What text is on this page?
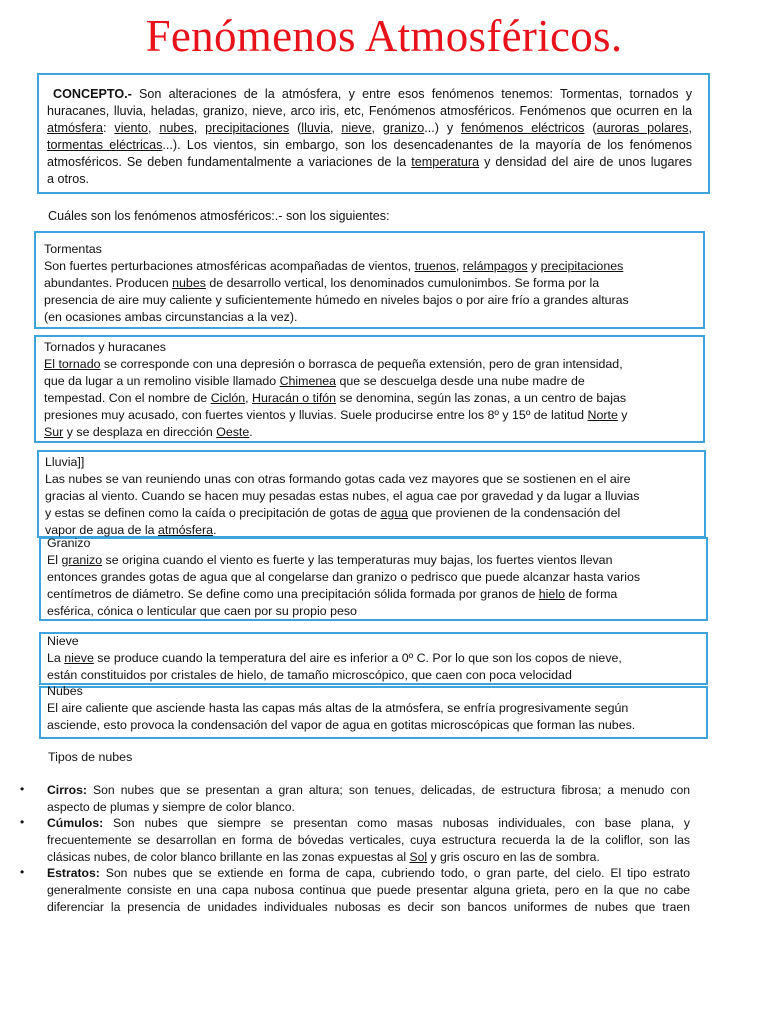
Fenómenos Atmosféricos.
CONCEPTO.- Son alteraciones de la atmósfera, y entre esos fenómenos tenemos: Tormentas, tornados y
huracanes, lluvia, heladas, granizo, nieve, arco iris, etc, Fenómenos atmosféricos. Fenómenos que ocurren en la
atmósfera: viento, nubes, precipitaciones (lluvia, nieve, granizo...) y fenómenos eléctricos (auroras polares,
tormentas eléctricas...). Los vientos, sin embargo, son los desencadenantes de la mayoría de los fenómenos
atmosféricos. Se deben fundamentalmente a variaciones de la temperatura y densidad del aire de unos lugares
a otros.
Cuáles son los fenómenos atmosféricos:.- son los siguientes:
Tormentas
Son fuertes perturbaciones atmosféricas acompañadas de vientos, truenos, relámpagos y precipitaciones
abundantes. Producen nubes de desarrollo vertical, los denominados cumulonimbos. Se forma por la
presencia de aire muy caliente y suficientemente húmedo en niveles bajos o por aire frío a grandes alturas
(en ocasiones ambas circunstancias a la vez).
Tornados y huracanes
El tornado se corresponde con una depresión o borrasca de pequeña extensión, pero de gran intensidad,
que da lugar a un remolino visible llamado Chimenea que se descuelga desde una nube madre de
tempestad. Con el nombre de Ciclón, Huracán o tifón se denomina, según las zonas, a un centro de bajas
presiones muy acusado, con fuertes vientos y lluvias. Suele producirse entre los 8º y 15º de latitud Norte y
Sur y se desplaza en dirección Oeste.
Lluvia]]
Las nubes se van reuniendo unas con otras formando gotas cada vez mayores que se sostienen en el aire
gracias al viento. Cuando se hacen muy pesadas estas nubes, el agua cae por gravedad y da lugar a lluvias
y estas se definen como la caída o precipitación de gotas de agua que provienen de la condensación del
vapor de agua de la atmósfera.
Granizo
El granizo se origina cuando el viento es fuerte y las temperaturas muy bajas, los fuertes vientos llevan
entonces grandes gotas de agua que al congelarse dan granizo o pedrisco que puede alcanzar hasta varios
centímetros de diámetro. Se define como una precipitación sólida formada por granos de hielo de forma
esférica, cónica o lenticular que caen por su propio peso
Nieve
La nieve se produce cuando la temperatura del aire es inferior a 0º C. Por lo que son los copos de nieve,
están constituidos por cristales de hielo, de tamaño microscópico, que caen con poca velocidad
Nubes
El aire caliente que asciende hasta las capas más altas de la atmósfera, se enfría progresivamente según
asciende, esto provoca la condensación del vapor de agua en gotitas microscópicas que forman las nubes.
Tipos de nubes
• Cirros: Son nubes que se presentan a gran altura; son tenues, delicadas, de estructura fibrosa; a menudo con
aspecto de plumas y siempre de color blanco.
• Cúmulos: Son nubes que siempre se presentan como masas nubosas individuales, con base plana, y
frecuentemente se desarrollan en forma de bóvedas verticales, cuya estructura recuerda la de la coliflor, son las
clásicas nubes, de color blanco brillante en las zonas expuestas al Sol y gris oscuro en las de sombra.
• Estratos: Son nubes que se extiende en forma de capa, cubriendo todo, o gran parte, del cielo. El tipo estrato
generalmente consiste en una capa nubosa continua que puede presentar alguna grieta, pero en la que no cabe
diferenciar la presencia de unidades individuales nubosas es decir son bancos uniformes de nubes que traen
